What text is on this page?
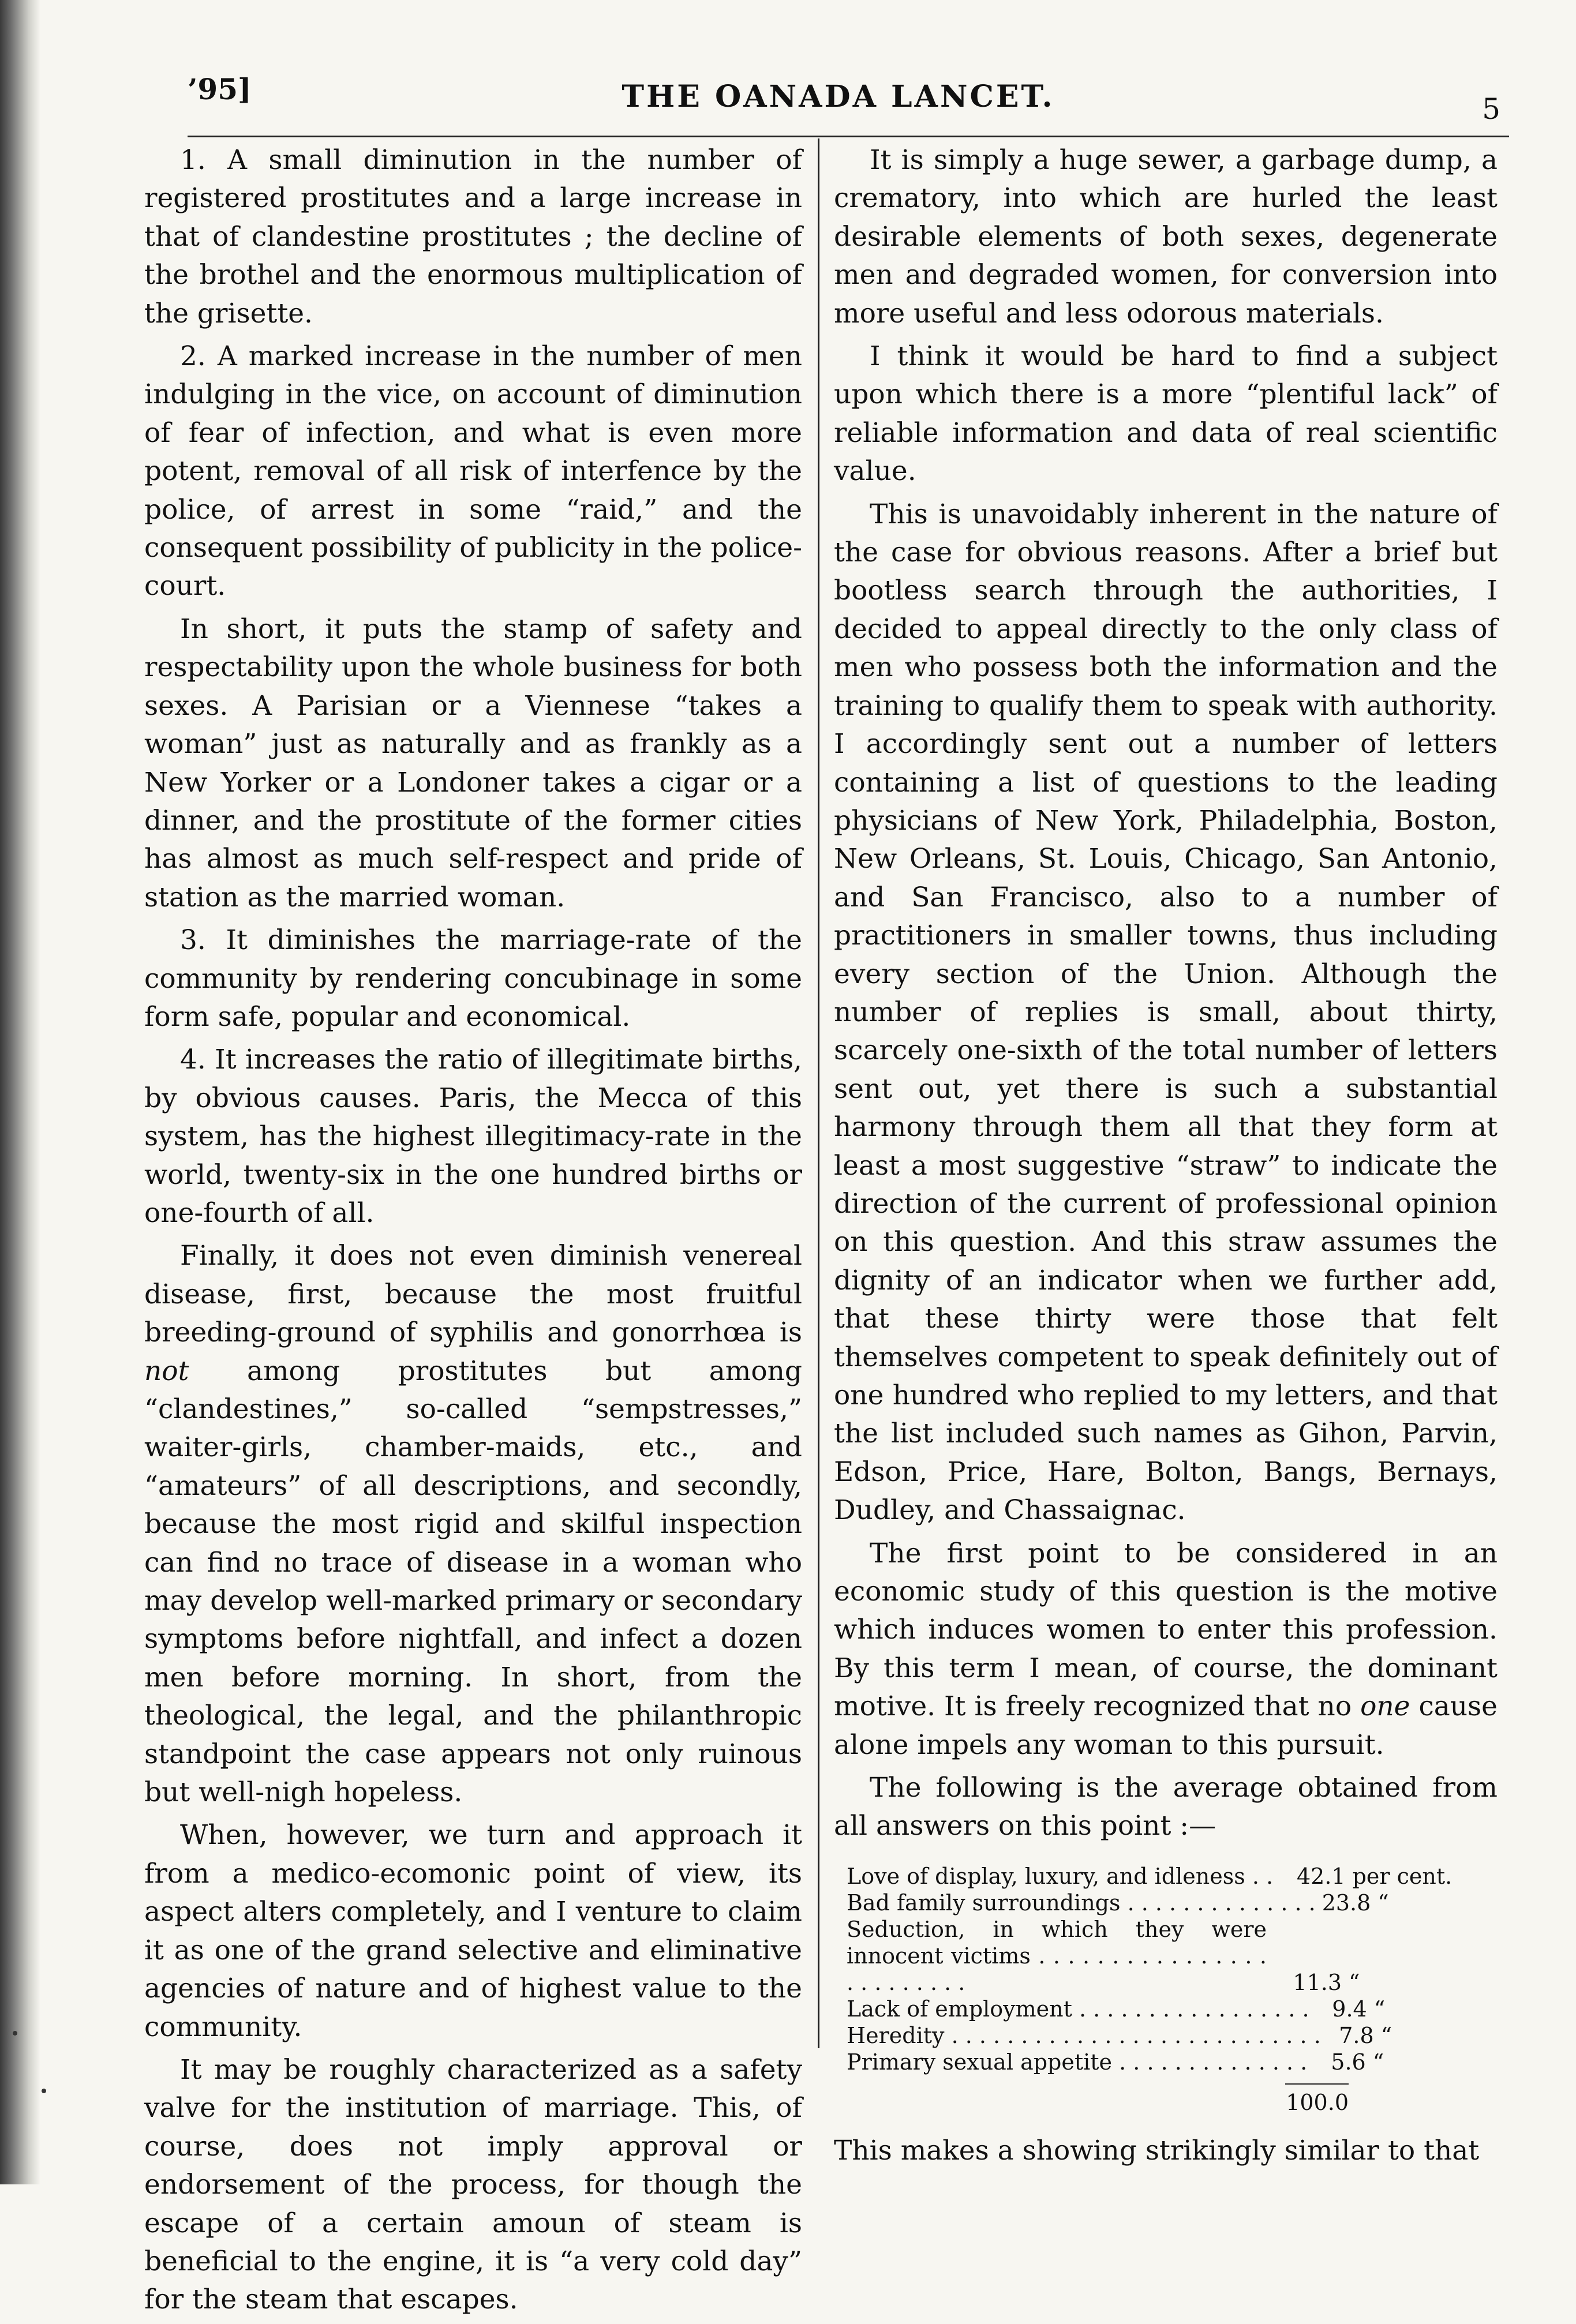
’95]	THE OANADA LANCET.	5

1. A small diminution in the number of registered prostitutes and a large increase in that of clandestine prostitutes ; the decline of the brothel and the enormous multiplication of the grisette.

2. A marked increase in the number of men indulging in the vice, on account of diminution of fear of infection, and what is even more potent, removal of all risk of interfence by the police, of arrest in some “raid,” and the consequent possibility of publicity in the police-court.

In short, it puts the stamp of safety and respectability upon the whole business for both sexes. A Parisian or a Viennese “takes a woman” just as naturally and as frankly as a New Yorker or a Londoner takes a cigar or a dinner, and the prostitute of the former cities has almost as much self-respect and pride of station as the married woman.

3. It diminishes the marriage-rate of the community by rendering concubinage in some form safe, popular and economical.

4. It increases the ratio of illegitimate births, by obvious causes. Paris, the Mecca of this system, has the highest illegitimacy-rate in the world, twenty-six in the one hundred births or one-fourth of all.

Finally, it does not even diminish venereal disease, first, because the most fruitful breeding-ground of syphilis and gonorrhœa is not among prostitutes but among “clandestines,” so-called “sempstresses,” waiter-girls, chamber-maids, etc., and “amateurs” of all descriptions, and secondly, because the most rigid and skilful inspection can find no trace of disease in a woman who may develop well-marked primary or secondary symptoms before nightfall, and infect a dozen men before morning. In short, from the theological, the legal, and the philanthropic standpoint the case appears not only ruinous but well-nigh hopeless.

When, however, we turn and approach it from a medico-ecomonic point of view, its aspect alters completely, and I venture to claim it as one of the grand selective and eliminative agencies of nature and of highest value to the community.

It may be roughly characterized as a safety valve for the institution of marriage. This, of course, does not imply approval or endorsement of the process, for though the escape of a certain amoun of steam is beneficial to the engine, it is “a very cold day” for the steam that escapes.

It is simply a huge sewer, a garbage dump, a crematory, into which are hurled the least desirable elements of both sexes, degenerate men and degraded women, for conversion into more useful and less odorous materials.

I think it would be hard to find a subject upon which there is a more “plentiful lack” of reliable information and data of real scientific value.

This is unavoidably inherent in the nature of the case for obvious reasons. After a brief but bootless search through the authorities, I decided to appeal directly to the only class of men who possess both the information and the training to qualify them to speak with authority. I accordingly sent out a number of letters containing a list of questions to the leading physicians of New York, Philadelphia, Boston, New Orleans, St. Louis, Chicago, San Antonio, and San Francisco, also to a number of practitioners in smaller towns, thus including every section of the Union. Although the number of replies is small, about thirty, scarcely one-sixth of the total number of letters sent out, yet there is such a substantial harmony through them all that they form at least a most suggestive “straw” to indicate the direction of the current of professional opinion on this question. And this straw assumes the dignity of an indicator when we further add, that these thirty were those that felt themselves competent to speak definitely out of one hundred who replied to my letters, and that the list included such names as Gihon, Parvin, Edson, Price, Hare, Bolton, Bangs, Bernays, Dudley, and Chassaignac.

The first point to be considered in an economic study of this question is the motive which induces women to enter this profession. By this term I mean, of course, the dominant motive. It is freely recognized that no one cause alone impels any woman to this pursuit.

The following is the average obtained from all answers on this point :—

Love of display, luxury, and idleness . .	42.1 per cent.
Bad family surroundings . . . . . . . . . . . . . . 23.8 “
Seduction, in which they were innocent victims . . . . . . . . . . . . . . . . . . . . . . . . .	11.3 “
Lack of employment . . . . . . . . . . . . . . . . .	9.4 “
Heredity . . . . . . . . . . . . . . . . . . . . . . . . . . . 7.8 “
Primary sexual appetite . . . . . . . . . . . . . .	5.6 “
100.0

This makes a showing strikingly similar to that
